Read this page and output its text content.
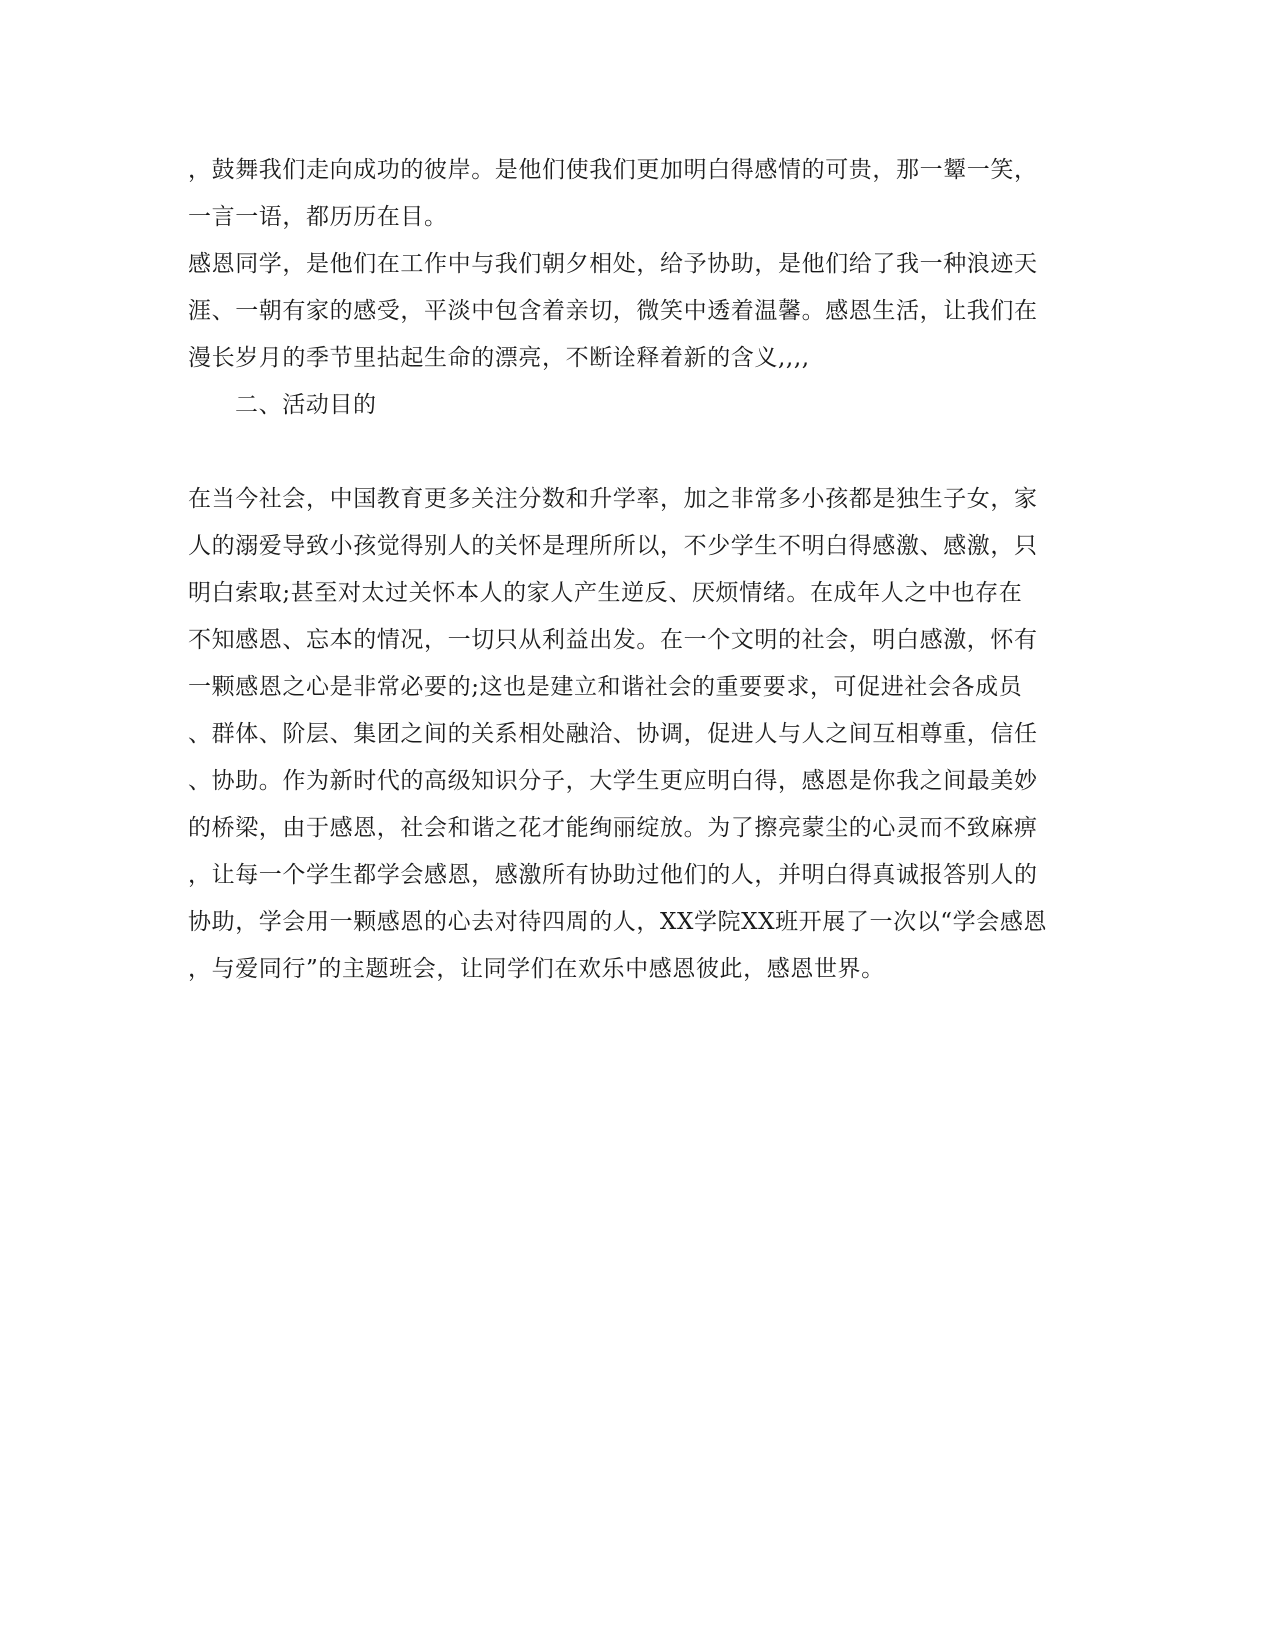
，鼓舞我们走向成功的彼岸。是他们使我们更加明白得感情的可贵，那一颦一笑，
一言一语，都历历在目。
感恩同学，是他们在工作中与我们朝夕相处，给予协助，是他们给了我一种浪迹天
涯、一朝有家的感受，平淡中包含着亲切，微笑中透着温馨。感恩生活，让我们在
漫长岁月的季节里拈起生命的漂亮，不断诠释着新的含义,,,,
二、活动目的
在当今社会，中国教育更多关注分数和升学率，加之非常多小孩都是独生子女，家
人的溺爱导致小孩觉得别人的关怀是理所所以，不少学生不明白得感激、感激，只
明白索取;甚至对太过关怀本人的家人产生逆反、厌烦情绪。在成年人之中也存在
不知感恩、忘本的情况，一切只从利益出发。在一个文明的社会，明白感激，怀有
一颗感恩之心是非常必要的;这也是建立和谐社会的重要要求，可促进社会各成员
、群体、阶层、集团之间的关系相处融洽、协调，促进人与人之间互相尊重，信任
、协助。作为新时代的高级知识分子，大学生更应明白得，感恩是你我之间最美妙
的桥梁，由于感恩，社会和谐之花才能绚丽绽放。为了擦亮蒙尘的心灵而不致麻痹
，让每一个学生都学会感恩，感激所有协助过他们的人，并明白得真诚报答别人的
协助，学会用一颗感恩的心去对待四周的人，XX学院XX班开展了一次以“学会感恩
，与爱同行”的主题班会，让同学们在欢乐中感恩彼此，感恩世界。
